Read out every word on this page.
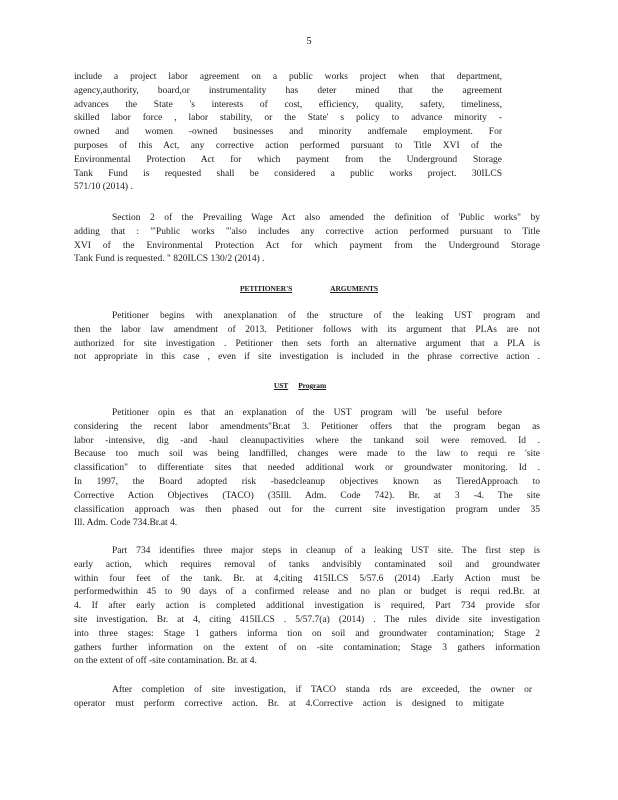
5

include a project labor agreement on a public works project when that department,
agency,authority, board,or instrumentality has deter mined that the agreement
advances the State 's interests of cost, efficiency, quality, safety, timeliness,
skilled labor force , labor stability, or the State' s policy to advance minority -
owned and women -owned businesses and minority andfemale employment. For
purposes of this Act, any corrective action performed pursuant to Title XVI of the
Environmental Protection Act for which payment from the Underground Storage
Tank Fund is requested shall be considered a public works project. 30ILCS
571/10 (2014) .

Section 2 of the Prevailing Wage Act also amended the definition of 'Public works" by
adding that : '"Public works "'also includes any corrective action performed pursuant to Title
XVI of the Environmental Protection Act for which payment from the Underground Storage
Tank Fund is requested. " 820ILCS 130/2 (2014) .

PETITIONER'S	ARGUMENTS

Petitioner begins with anexplanation of the structure of the leaking UST program and
then the labor law amendment of 2013. Petitioner follows with its argument that PLAs are not
authorized for site investigation . Petitioner then sets forth an alternative argument that a PLA is
not appropriate in this case , even if site investigation is included in the phrase corrective action .

UST Program

Petitioner opin es that an explanation of the UST program will 'be useful before
considering the recent labor amendments"Br.at 3. Petitioner offers that the program began as
labor -intensive, dig -and -haul cleanupactivities where the tankand soil were removed. Id .
Because too much soil was being landfilled, changes were made to the law to requi re 'site
classification" to differentiate sites that needed additional work or groundwater monitoring. Id .
In 1997, the Board adopted risk -basedcleanup objectives known as TieredApproach to
Corrective Action Objectives (TACO) (35Ill. Adm. Code 742). Br. at 3 -4. The site
classification approach was then phased out for the current site investigation program under 35
Ill. Adm. Code 734.Br.at 4.

Part 734 identifies three major steps in cleanup of a leaking UST site. The first step is
early action, which requires removal of tanks andvisibly contaminated soil and groundwater
within four feet of the tank. Br. at 4,citing 415ILCS 5/57.6 (2014) .Early Action must be
performedwithin 45 to 90 days of a confirmed release and no plan or budget is requi red.Br. at
4. If after early action is completed additional investigation is required, Part 734 provide sfor
site investigation. Br. at 4, citing 415ILCS . 5/57.7(a) (2014) . The rules divide site investigation
into three stages: Stage 1 gathers informa tion on soil and groundwater contamination; Stage 2
gathers further information on the extent of on -site contamination; Stage 3 gathers information
on the extent of off -site contamination. Br. at 4.

After completion of site investigation, if TACO standa rds are exceeded, the owner or
operator must perform corrective action. Br. at 4.Corrective action is designed to mitigate
